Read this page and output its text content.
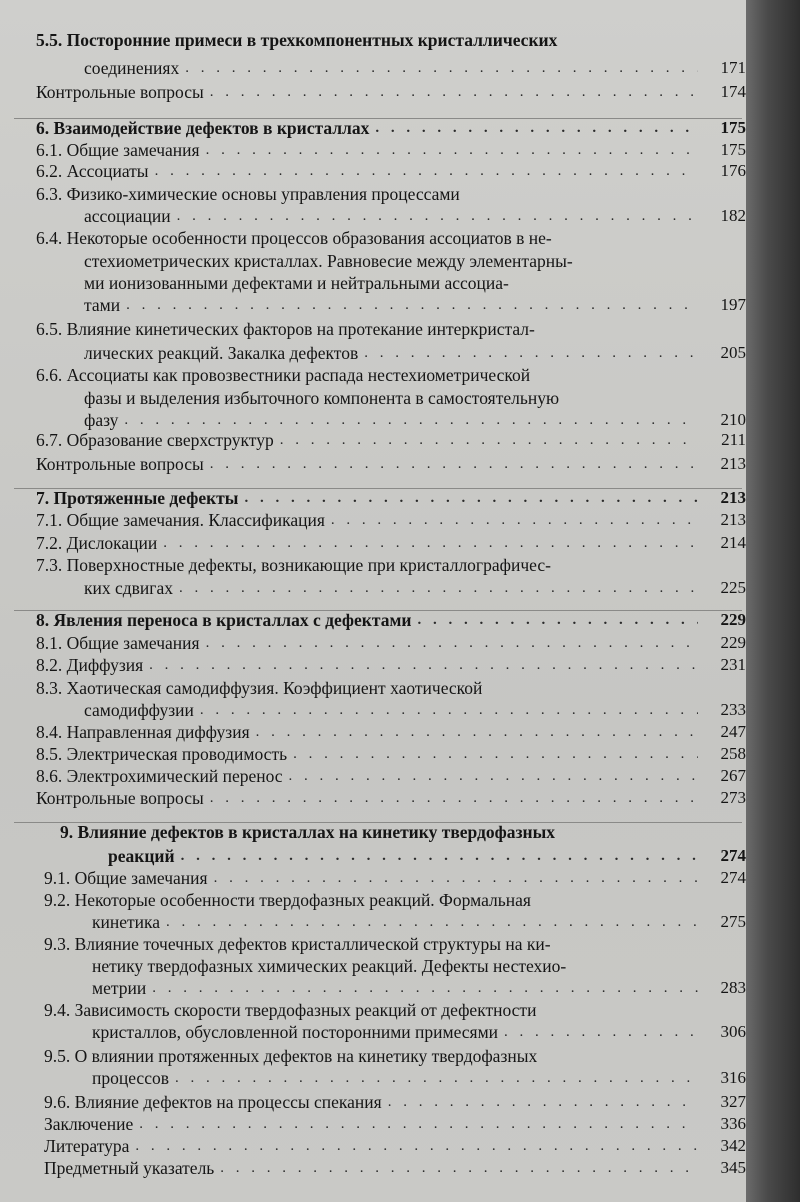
5.5. Посторонние примеси в трехкомпонентных кристаллических
соединениях . . .	171
Контрольные вопросы . . .	174
6. Взаимодействие дефектов в кристаллах . . .	175
6.1. Общие замечания . . .	175
6.2. Ассоциаты . . .	176
6.3. Физико-химические основы управления процессами
ассоциации . . .	182
6.4. Некоторые особенности процессов образования ассоциатов в не-
стехиометрических кристаллах. Равновесие между элементарны-
ми ионизованными дефектами и нейтральными ассоциа-
тами . . .	197
6.5. Влияние кинетических факторов на протекание интеркристал-
лических реакций. Закалка дефектов . . .	205
6.6. Ассоциаты как провозвестники распада нестехиометрической
фазы и выделения избыточного компонента в самостоятельную
фазу . . .	210
6.7. Образование сверхструктур . . .	211
Контрольные вопросы . . .	213
7. Протяженные дефекты . . .	213
7.1. Общие замечания. Классификация . . .	213
7.2. Дислокации . . .	214
7.3. Поверхностные дефекты, возникающие при кристаллографичес-
ких сдвигах . . .	225
8. Явления переноса в кристаллах с дефектами . . .	229
8.1. Общие замечания . . .	229
8.2. Диффузия . . .	231
8.3. Хаотическая самодиффузия. Коэффициент хаотической
самодиффузии . . .	233
8.4. Направленная диффузия . . .	247
8.5. Электрическая проводимость . . .	258
8.6. Электрохимический перенос . . .	267
Контрольные вопросы . . .	273
9. Влияние дефектов в кристаллах на кинетику твердофазных
реакций . . .	274
9.1. Общие замечания . . .	274
9.2. Некоторые особенности твердофазных реакций. Формальная
кинетика . . .	275
9.3. Влияние точечных дефектов кристаллической структуры на ки-
нетику твердофазных химических реакций. Дефекты нестехио-
метрии . . .	283
9.4. Зависимость скорости твердофазных реакций от дефектности
кристаллов, обусловленной посторонними примесями . . .	306
9.5. О влиянии протяженных дефектов на кинетику твердофазных
процессов . . .	316
9.6. Влияние дефектов на процессы спекания . . .	327
Заключение . . .	336
Литература . . .	342
Предметный указатель . . .	345
